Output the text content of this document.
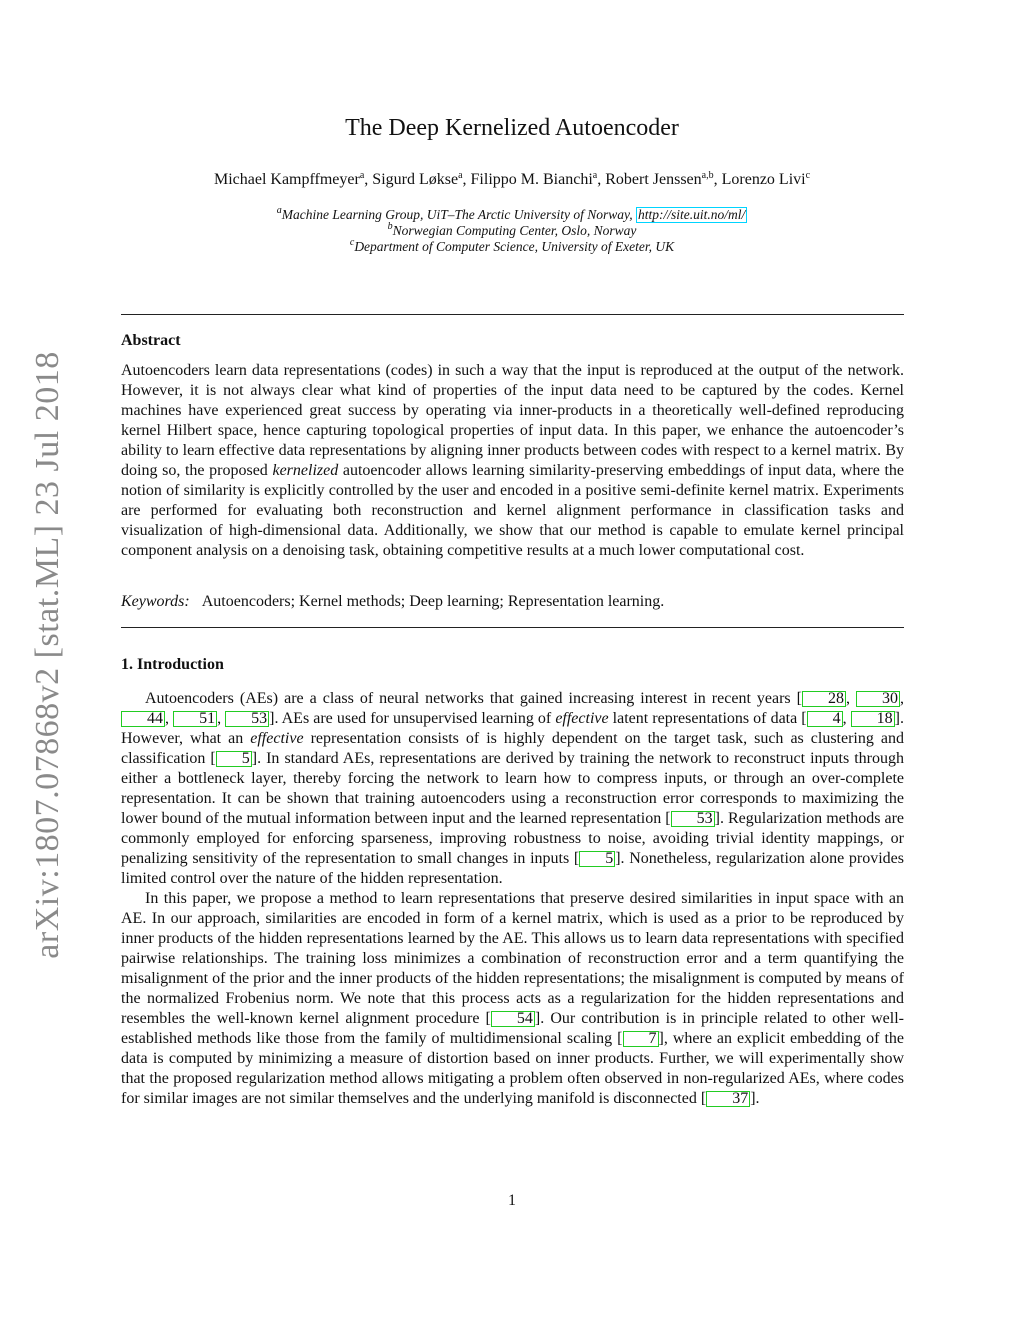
arXiv:1807.07868v2 [stat.ML] 23 Jul 2018
The Deep Kernelized Autoencoder
Michael Kampffmeyer$^a$, Sigurd Løkse$^a$, Filippo M. Bianchi$^a$, Robert Jenssen$^{a,b}$, Lorenzo Livi$^c$
$^a$Machine Learning Group, UiT–The Arctic University of Norway, http://site.uit.no/ml/
$^b$Norwegian Computing Center, Oslo, Norway
$^c$Department of Computer Science, University of Exeter, UK
Abstract
Autoencoders learn data representations (codes) in such a way that the input is reproduced at the output of the network. However, it is not always clear what kind of properties of the input data need to be captured by the codes. Kernel machines have experienced great success by operating via inner-products in a theoretically well-defined reproducing kernel Hilbert space, hence capturing topological properties of input data. In this paper, we enhance the autoencoder’s ability to learn effective data representations by aligning inner products between codes with respect to a kernel matrix. By doing so, the proposed kernelized autoencoder allows learning similarity-preserving embeddings of input data, where the notion of similarity is explicitly controlled by the user and encoded in a positive semi-definite kernel matrix. Experiments are performed for evaluating both reconstruction and kernel alignment performance in classification tasks and visualization of high-dimensional data. Additionally, we show that our method is capable to emulate kernel principal component analysis on a denoising task, obtaining competitive results at a much lower computational cost.
Keywords: Autoencoders; Kernel methods; Deep learning; Representation learning.
1. Introduction

Autoencoders (AEs) are a class of neural networks that gained increasing interest in recent years [ 28 , 30 , 44 , 51 , 53 ]. AEs are used for unsupervised learning of effective latent representations of data [ 4 , 18 ]. However, what an effective representation consists of is highly dependent on the target task, such as clustering and classification [ 5 ]. In standard AEs, representations are derived by training the network to reconstruct inputs through either a bottleneck layer, thereby forcing the network to learn how to compress inputs, or through an over-complete representation. It can be shown that training autoencoders using a reconstruction error corresponds to maximizing the lower bound of the mutual information between input and the learned representation [ 53 ]. Regularization methods are commonly employed for enforcing sparseness, improving robustness to noise, avoiding trivial identity mappings, or penalizing sensitivity of the representation to small changes in inputs [ 5 ]. Nonetheless, regularization alone provides limited control over the nature of the hidden representation.

In this paper, we propose a method to learn representations that preserve desired similarities in input space with an AE. In our approach, similarities are encoded in form of a kernel matrix, which is used as a prior to be reproduced by inner products of the hidden representations learned by the AE. This allows us to learn data representations with specified pairwise relationships. The training loss minimizes a combination of reconstruction error and a term quantifying the misalignment of the prior and the inner products of the hidden representations; the misalignment is computed by means of the normalized Frobenius norm. We note that this process acts as a regularization for the hidden representations and resembles the well-known kernel alignment procedure [ 54 ]. Our contribution is in principle related to other well-established methods like those from the family of multidimensional scaling [ 7 ], where an explicit embedding of the data is computed by minimizing a measure of distortion based on inner products. Further, we will experimentally show that the proposed regularization method allows mitigating a problem often observed in non-regularized AEs, where codes for similar images are not similar themselves and the underlying manifold is disconnected [ 37 ].

1
